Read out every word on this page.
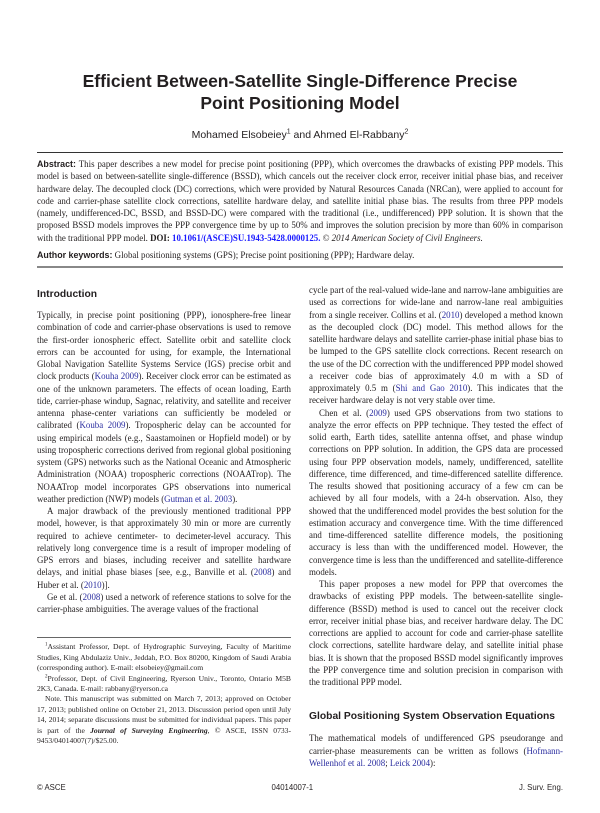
Efficient Between-Satellite Single-Difference Precise
Point Positioning Model
Mohamed Elsobeiey$^1$ and Ahmed El-Rabbany$^2$
Abstract: This paper describes a new model for precise point positioning (PPP), which overcomes the drawbacks of existing PPP models. This model is based on between-satellite single-difference (BSSD), which cancels out the receiver clock error, receiver initial phase bias, and receiver hardware delay. The decoupled clock (DC) corrections, which were provided by Natural Resources Canada (NRCan), were applied to account for code and carrier-phase satellite clock corrections, satellite hardware delay, and satellite initial phase bias. The results from three PPP models (namely, undifferenced-DC, BSSD, and BSSD-DC) were compared with the traditional (i.e., undifferenced) PPP solution. It is shown that the proposed BSSD models improves the PPP convergence time by up to 50% and improves the solution precision by more than 60% in comparison with the traditional PPP model. DOI: 10.1061/(ASCE)SU.1943-5428.0000125. © 2014 American Society of Civil Engineers.
Author keywords: Global positioning systems (GPS); Precise point positioning (PPP); Hardware delay.
Introduction

Typically, in precise point positioning (PPP), ionosphere-free linear combination of code and carrier-phase observations is used to remove the first-order ionospheric effect. Satellite orbit and satellite clock errors can be accounted for using, for example, the International Global Navigation Satellite Systems Service (IGS) precise orbit and clock products (Kouha 2009). Receiver clock error can be estimated as one of the unknown parameters. The effects of ocean loading, Earth tide, carrier-phase windup, Sagnac, relativity, and satellite and receiver antenna phase-center variations can sufficiently be modeled or calibrated (Kouba 2009). Tropospheric delay can be accounted for using empirical models (e.g., Saastamoinen or Hopfield model) or by using tropospheric corrections derived from regional global positioning system (GPS) networks such as the National Oceanic and Atmospheric Administration (NOAA) tropospheric corrections (NOAATrop). The NOAATrop model incorporates GPS observations into numerical weather prediction (NWP) models (Gutman et al. 2003).

A major drawback of the previously mentioned traditional PPP model, however, is that approximately 30 min or more are currently required to achieve centimeter- to decimeter-level accuracy. This relatively long convergence time is a result of improper modeling of GPS errors and biases, including receiver and satellite hardware delays, and initial phase biases [see, e.g., Banville et al. (2008) and Huber et al. (2010)].

Ge et al. (2008) used a network of reference stations to solve for the carrier-phase ambiguities. The average values of the fractional

$^1$Assistant Professor, Dept. of Hydrographic Surveying, Faculty of Maritime Studies, King Abdulaziz Univ., Jeddah, P.O. Box 80200, Kingdom of Saudi Arabia (corresponding author). E-mail: elsobeiey@gmail.com

$^2$Professor, Dept. of Civil Engineering, Ryerson Univ., Toronto, Ontario M5B 2K3, Canada. E-mail: rabbany@ryerson.ca

Note. This manuscript was submitted on March 7, 2013; approved on October 17, 2013; published online on October 21, 2013. Discussion period open until July 14, 2014; separate discussions must be submitted for individual papers. This paper is part of the Journal of Surveying Engineering, © ASCE, ISSN 0733-9453/04014007(7)/$25.00.

cycle part of the real-valued wide-lane and narrow-lane ambiguities are used as corrections for wide-lane and narrow-lane real ambiguities from a single receiver. Collins et al. (2010) developed a method known as the decoupled clock (DC) model. This method allows for the satellite hardware delays and satellite carrier-phase initial phase bias to be lumped to the GPS satellite clock corrections. Recent research on the use of the DC correction with the undifferenced PPP model showed a receiver code bias of approximately 4.0 m with a SD of approximately 0.5 m (Shi and Gao 2010). This indicates that the receiver hardware delay is not very stable over time.

Chen et al. (2009) used GPS observations from two stations to analyze the error effects on PPP technique. They tested the effect of solid earth, Earth tides, satellite antenna offset, and phase windup corrections on PPP solution. In addition, the GPS data are processed using four PPP observation models, namely, undifferenced, satellite difference, time differenced, and time-differenced satellite difference. The results showed that positioning accuracy of a few cm can be achieved by all four models, with a 24-h observation. Also, they showed that the undifferenced model provides the best solution for the estimation accuracy and convergence time. With the time differenced and time-differenced satellite difference models, the positioning accuracy is less than with the undifferenced model. However, the convergence time is less than the undifferenced and satellite-difference models.

This paper proposes a new model for PPP that overcomes the drawbacks of existing PPP models. The between-satellite single-difference (BSSD) method is used to cancel out the receiver clock error, receiver initial phase bias, and receiver hardware delay. The DC corrections are applied to account for code and carrier-phase satellite clock corrections, satellite hardware delay, and satellite initial phase bias. It is shown that the proposed BSSD model significantly improves the PPP convergence time and solution precision in comparison with the traditional PPP model.

Global Positioning System Observation Equations

The mathematical models of undifferenced GPS pseudorange and carrier-phase measurements can be written as follows (Hofmann-Wellenhof et al. 2008; Leick 2004):

© ASCE	04014007-1	J. Surv. Eng.
